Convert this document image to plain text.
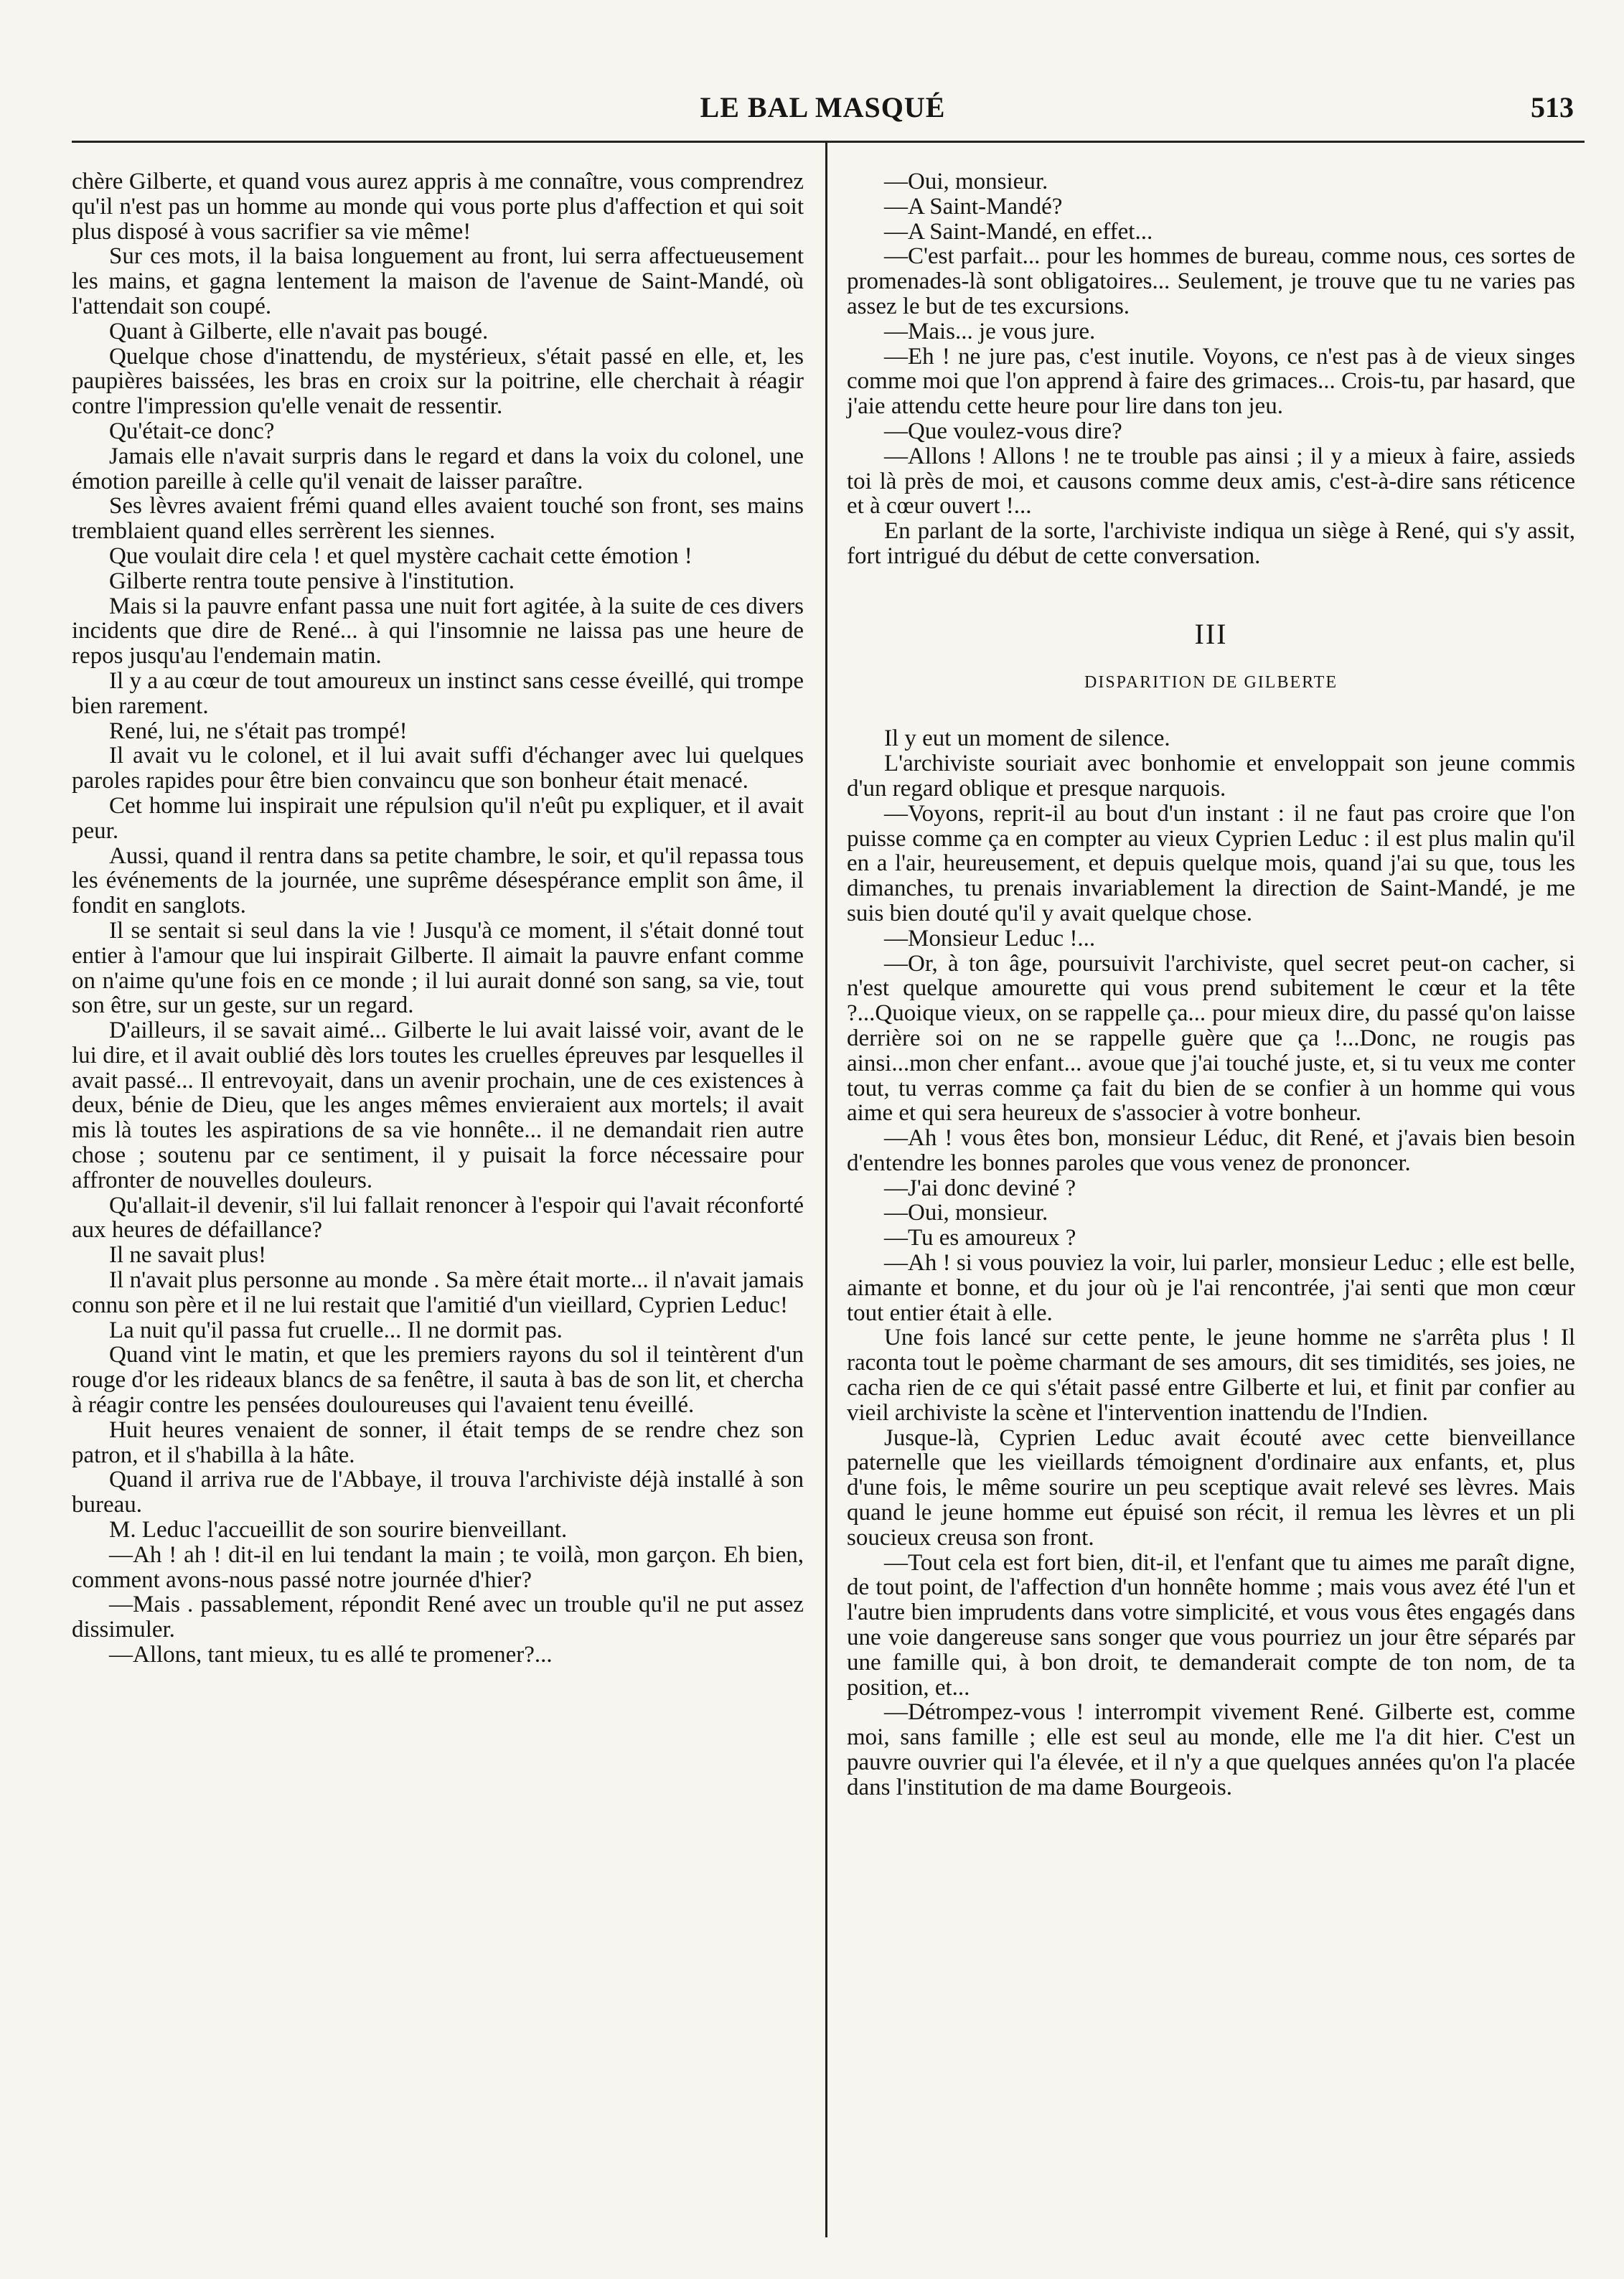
LE BAL MASQUÉ	513

chère Gilberte, et quand vous aurez appris à me connaître, vous comprendrez qu'il n'est pas un homme au monde qui vous porte plus d'affection et qui soit plus disposé à vous sacrifier sa vie même!

Sur ces mots, il la baisa longuement au front, lui serra affectueusement les mains, et gagna lentement la maison de l'avenue de Saint-Mandé, où l'attendait son coupé.

Quant à Gilberte, elle n'avait pas bougé.

Quelque chose d'inattendu, de mystérieux, s'était passé en elle, et, les paupières baissées, les bras en croix sur la poitrine, elle cherchait à réagir contre l'impression qu'elle venait de ressentir.

Qu'était-ce donc?

Jamais elle n'avait surpris dans le regard et dans la voix du colonel, une émotion pareille à celle qu'il venait de laisser paraître.

Ses lèvres avaient frémi quand elles avaient touché son front, ses mains tremblaient quand elles serrèrent les siennes.

Que voulait dire cela ! et quel mystère cachait cette émotion !

Gilberte rentra toute pensive à l'institution.

Mais si la pauvre enfant passa une nuit fort agitée, à la suite de ces divers incidents que dire de René... à qui l'insomnie ne laissa pas une heure de repos jusqu'au l'endemain matin.

Il y a au cœur de tout amoureux un instinct sans cesse éveillé, qui trompe bien rarement.

René, lui, ne s'était pas trompé!

Il avait vu le colonel, et il lui avait suffi d'échanger avec lui quelques paroles rapides pour être bien convaincu que son bonheur était menacé.

Cet homme lui inspirait une répulsion qu'il n'eût pu expliquer, et il avait peur.

Aussi, quand il rentra dans sa petite chambre, le soir, et qu'il repassa tous les événements de la journée, une suprême désespérance emplit son âme, il fondit en sanglots.

Il se sentait si seul dans la vie ! Jusqu'à ce moment, il s'était donné tout entier à l'amour que lui inspirait Gilberte. Il aimait la pauvre enfant comme on n'aime qu'une fois en ce monde ; il lui aurait donné son sang, sa vie, tout son être, sur un geste, sur un regard.

D'ailleurs, il se savait aimé... Gilberte le lui avait laissé voir, avant de le lui dire, et il avait oublié dès lors toutes les cruelles épreuves par lesquelles il avait passé... Il entrevoyait, dans un avenir prochain, une de ces existences à deux, bénie de Dieu, que les anges mêmes envieraient aux mortels; il avait mis là toutes les aspirations de sa vie honnête... il ne demandait rien autre chose ; soutenu par ce sentiment, il y puisait la force nécessaire pour affronter de nouvelles douleurs.

Qu'allait-il devenir, s'il lui fallait renoncer à l'espoir qui l'avait réconforté aux heures de défaillance?

Il ne savait plus!

Il n'avait plus personne au monde . Sa mère était morte... il n'avait jamais connu son père et il ne lui restait que l'amitié d'un vieillard, Cyprien Leduc!

La nuit qu'il passa fut cruelle... Il ne dormit pas.

Quand vint le matin, et que les premiers rayons du sol il teintèrent d'un rouge d'or les rideaux blancs de sa fenêtre, il sauta à bas de son lit, et chercha à réagir contre les pensées douloureuses qui l'avaient tenu éveillé.

Huit heures venaient de sonner, il était temps de se rendre chez son patron, et il s'habilla à la hâte.

Quand il arriva rue de l'Abbaye, il trouva l'archiviste déjà installé à son bureau.

M. Leduc l'accueillit de son sourire bienveillant.

—Ah ! ah ! dit-il en lui tendant la main ; te voilà, mon garçon. Eh bien, comment avons-nous passé notre journée d'hier?

—Mais . passablement, répondit René avec un trouble qu'il ne put assez dissimuler.

—Allons, tant mieux, tu es allé te promener?...

—Oui, monsieur.

—A Saint-Mandé?

—A Saint-Mandé, en effet...

—C'est parfait... pour les hommes de bureau, comme nous, ces sortes de promenades-là sont obligatoires... Seulement, je trouve que tu ne varies pas assez le but de tes excursions.

—Mais... je vous jure.

—Eh ! ne jure pas, c'est inutile. Voyons, ce n'est pas à de vieux singes comme moi que l'on apprend à faire des grimaces... Crois-tu, par hasard, que j'aie attendu cette heure pour lire dans ton jeu.

—Que voulez-vous dire?

—Allons ! Allons ! ne te trouble pas ainsi ; il y a mieux à faire, assieds toi là près de moi, et causons comme deux amis, c'est-à-dire sans réticence et à cœur ouvert !...

En parlant de la sorte, l'archiviste indiqua un siège à René, qui s'y assit, fort intrigué du début de cette conversation.

III
DISPARITION DE GILBERTE

Il y eut un moment de silence.

L'archiviste souriait avec bonhomie et enveloppait son jeune commis d'un regard oblique et presque narquois.

—Voyons, reprit-il au bout d'un instant : il ne faut pas croire que l'on puisse comme ça en compter au vieux Cyprien Leduc : il est plus malin qu'il en a l'air, heureusement, et depuis quelque mois, quand j'ai su que, tous les dimanches, tu prenais invariablement la direction de Saint-Mandé, je me suis bien douté qu'il y avait quelque chose.

—Monsieur Leduc !...

—Or, à ton âge, poursuivit l'archiviste, quel secret peut-on cacher, si n'est quelque amourette qui vous prend subitement le cœur et la tête ?...Quoique vieux, on se rappelle ça... pour mieux dire, du passé qu'on laisse derrière soi on ne se rappelle guère que ça !...Donc, ne rougis pas ainsi...mon cher enfant... avoue que j'ai touché juste, et, si tu veux me conter tout, tu verras comme ça fait du bien de se confier à un homme qui vous aime et qui sera heureux de s'associer à votre bonheur.

—Ah ! vous êtes bon, monsieur Léduc, dit René, et j'avais bien besoin d'entendre les bonnes paroles que vous venez de prononcer.

—J'ai donc deviné ?

—Oui, monsieur.

—Tu es amoureux ?

—Ah ! si vous pouviez la voir, lui parler, monsieur Leduc ; elle est belle, aimante et bonne, et du jour où je l'ai rencontrée, j'ai senti que mon cœur tout entier était à elle.

Une fois lancé sur cette pente, le jeune homme ne s'arrêta plus ! Il raconta tout le poème charmant de ses amours, dit ses timidités, ses joies, ne cacha rien de ce qui s'était passé entre Gilberte et lui, et finit par confier au vieil archiviste la scène et l'intervention inattendu de l'Indien.

Jusque-là, Cyprien Leduc avait écouté avec cette bienveillance paternelle que les vieillards témoignent d'ordinaire aux enfants, et, plus d'une fois, le même sourire un peu sceptique avait relevé ses lèvres. Mais quand le jeune homme eut épuisé son récit, il remua les lèvres et un pli soucieux creusa son front.

—Tout cela est fort bien, dit-il, et l'enfant que tu aimes me paraît digne, de tout point, de l'affection d'un honnête homme ; mais vous avez été l'un et l'autre bien imprudents dans votre simplicité, et vous vous êtes engagés dans une voie dangereuse sans songer que vous pourriez un jour être séparés par une famille qui, à bon droit, te demanderait compte de ton nom, de ta position, et...

—Détrompez-vous ! interrompit vivement René. Gilberte est, comme moi, sans famille ; elle est seul au monde, elle me l'a dit hier. C'est un pauvre ouvrier qui l'a élevée, et il n'y a que quelques années qu'on l'a placée dans l'institution de ma dame Bourgeois.
